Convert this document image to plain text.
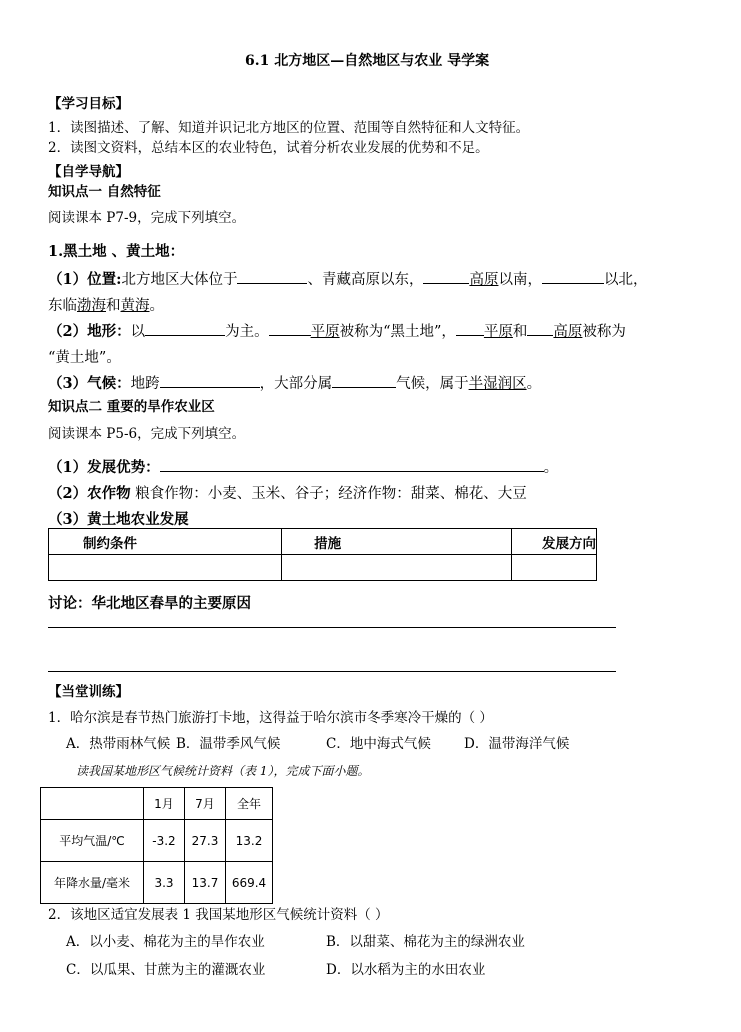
6.1 北方地区—自然地区与农业 导学案
【学习目标】
1．读图描述、了解、知道并识记北方地区的位置、范围等自然特征和人文特征。
2．读图文资料，总结本区的农业特色，试着分析农业发展的优势和不足。
【自学导航】
知识点一 自然特征
阅读课本 P7-9，完成下列填空。
1.黑土地 、黄土地：
（1）位置:北方地区大体位于	、青藏高原以东，	高原以南，	以北，
东临渤海和黄海。
（2）地形：以	为主。	平原被称为“黑土地”， 平原和 高原被称为
“黄土地”。
（3）气候：地跨	，大部分属	气候，属于半湿润区。
知识点二 重要的旱作农业区
阅读课本 P5-6，完成下列填空。
（1）发展优势：	。
（2）农作物 粮食作物：小麦、玉米、谷子；经济作物：甜菜、棉花、大豆
（3）黄土地农业发展
制约条件	措施	发展方向

讨论：华北地区春旱的主要原因
【当堂训练】
1．哈尔滨是春节热门旅游打卡地，这得益于哈尔滨市冬季寒冷干燥的（ ）
A．热带雨林气候 B．温带季风气候	C．地中海式气候 D．温带海洋气候
读我国某地形区气候统计资料（表 1），完成下面小题。
	1月	7月	全年
平均气温/℃	-3.2	27.3	13.2
年降水量/毫米	3.3	13.7	669.4
2．该地区适宜发展表 1 我国某地形区气候统计资料（ ）
A．以小麦、棉花为主的旱作农业	B．以甜菜、棉花为主的绿洲农业
C．以瓜果、甘蔗为主的灌溉农业	D．以水稻为主的水田农业
